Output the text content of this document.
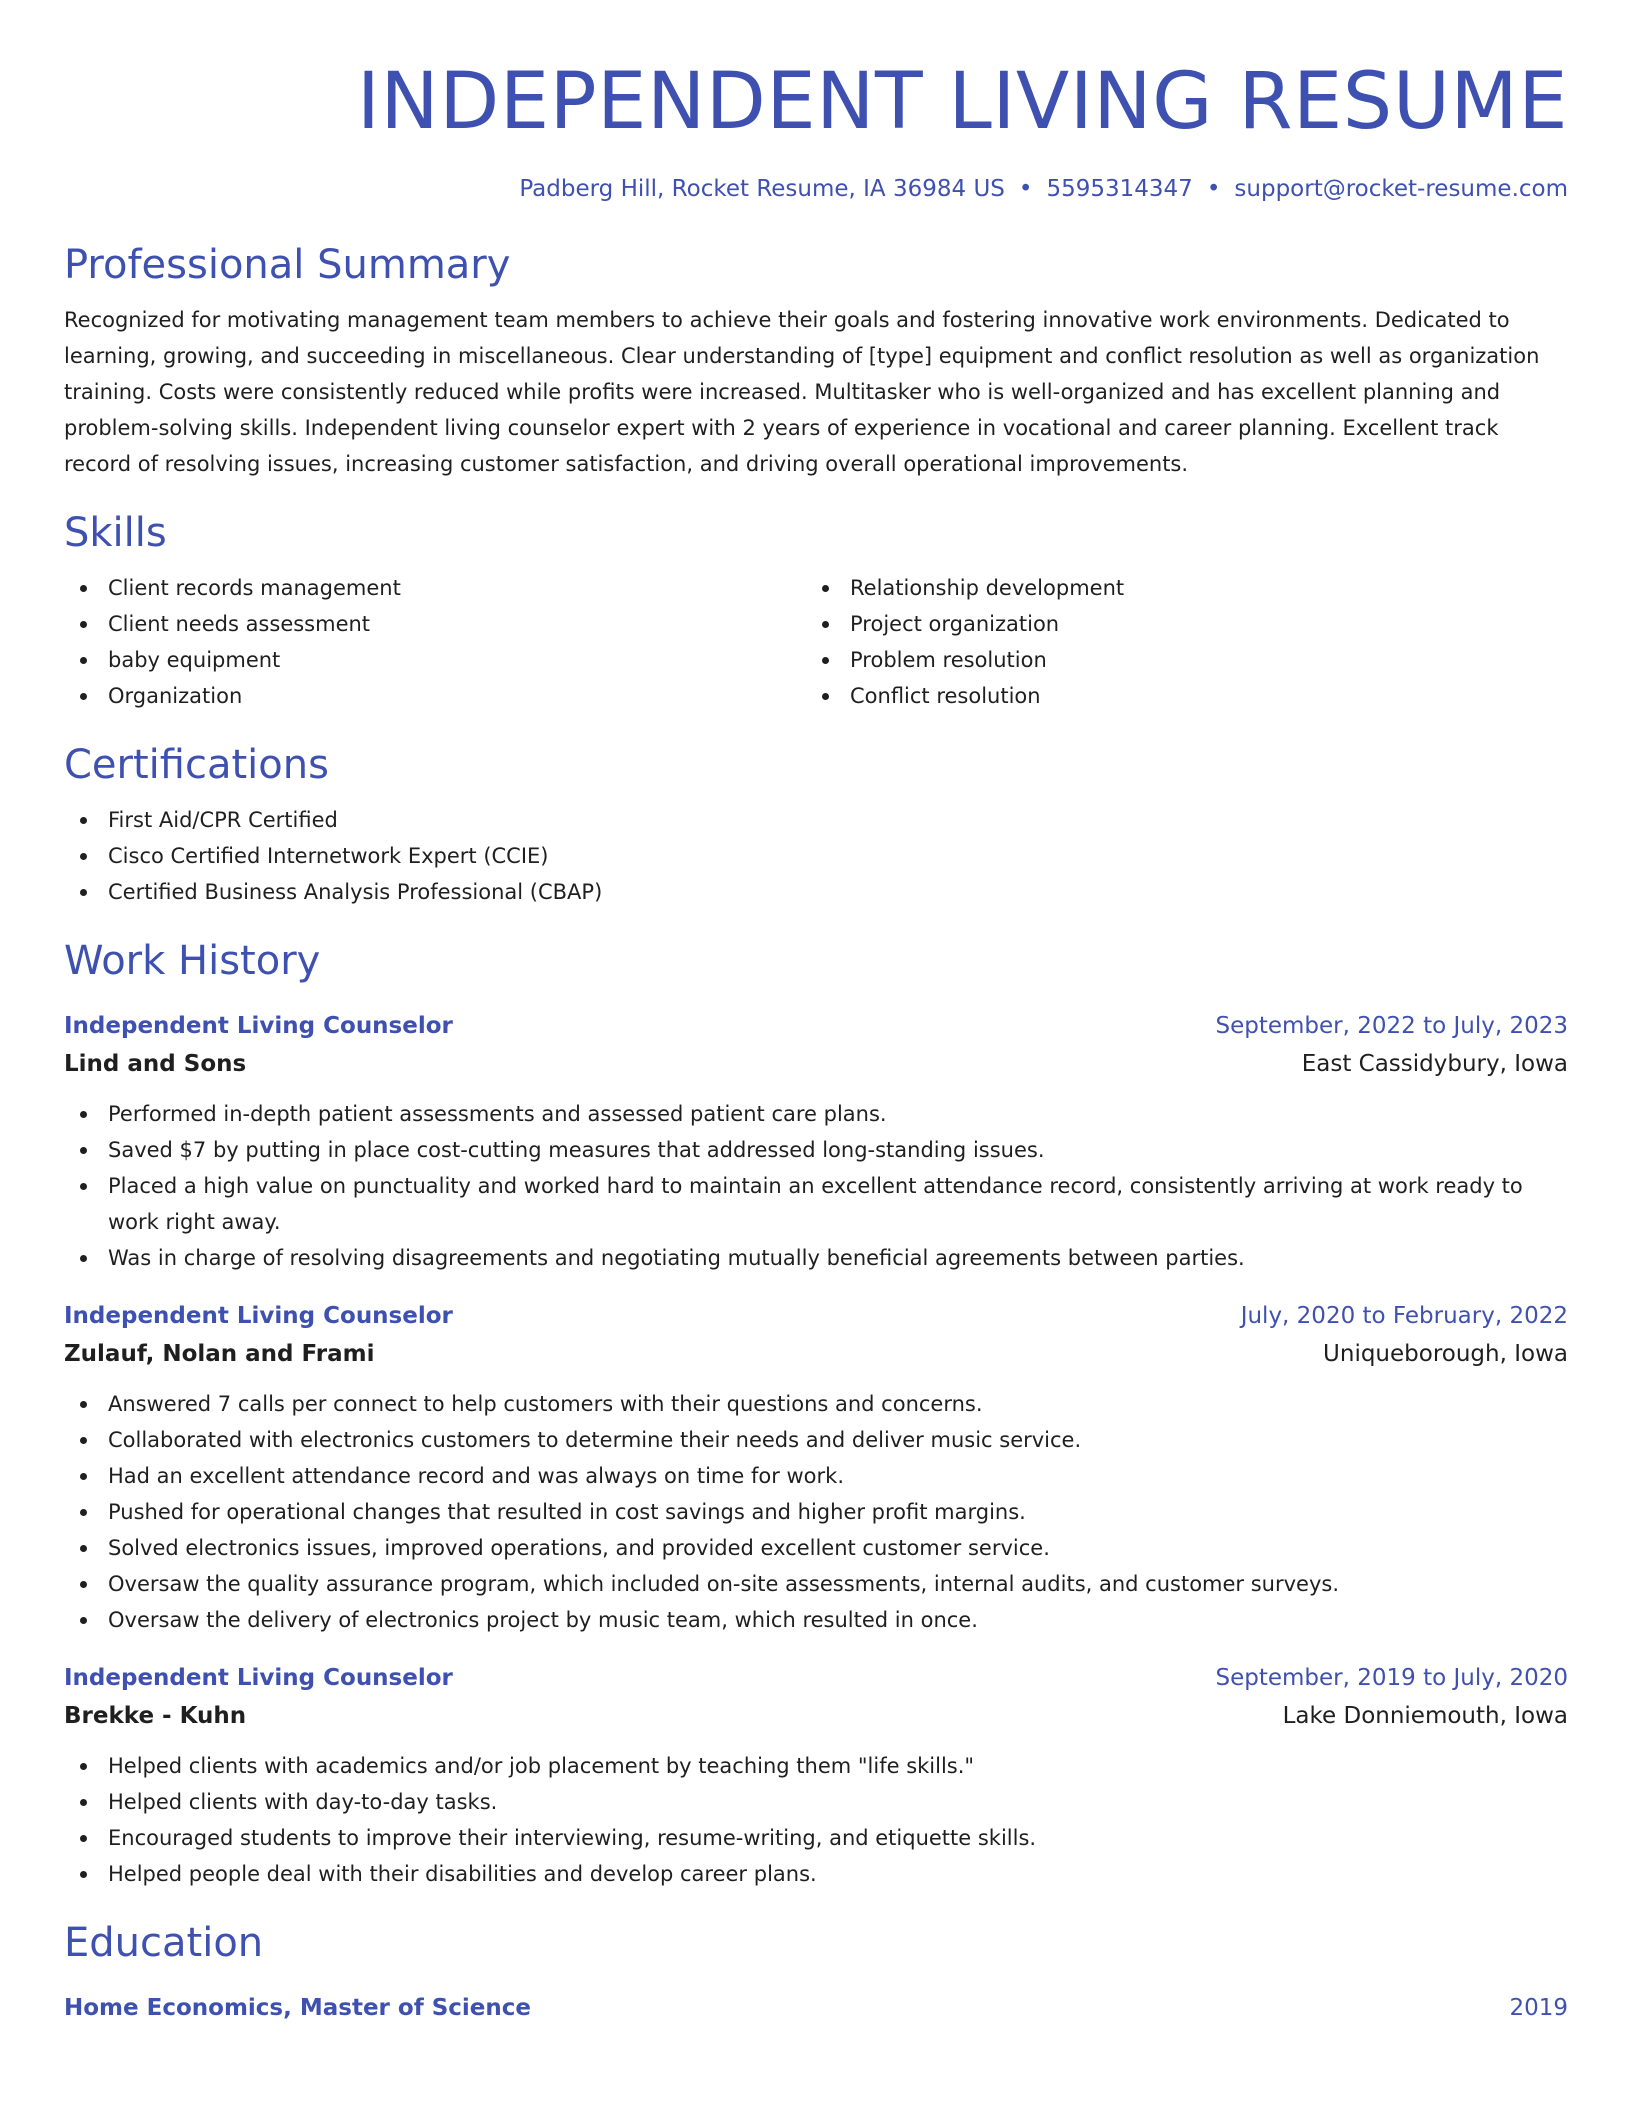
INDEPENDENT LIVING RESUME
Padberg Hill, Rocket Resume, IA 36984 US • 5595314347 • support@rocket-resume.com
Professional Summary
Recognized for motivating management team members to achieve their goals and fostering innovative work environments. Dedicated to learning, growing, and succeeding in miscellaneous. Clear understanding of [type] equipment and conflict resolution as well as organization training. Costs were consistently reduced while profits were increased. Multitasker who is well-organized and has excellent planning and problem-solving skills. Independent living counselor expert with 2 years of experience in vocational and career planning. Excellent track record of resolving issues, increasing customer satisfaction, and driving overall operational improvements.
Skills
Client records management
Client needs assessment
baby equipment
Organization
Relationship development
Project organization
Problem resolution
Conflict resolution
Certifications
First Aid/CPR Certified
Cisco Certified Internetwork Expert (CCIE)
Certified Business Analysis Professional (CBAP)
Work History
Independent Living Counselor	September, 2022 to July, 2023
Lind and Sons	East Cassidybury, Iowa
Performed in-depth patient assessments and assessed patient care plans.
Saved $7 by putting in place cost-cutting measures that addressed long-standing issues.
Placed a high value on punctuality and worked hard to maintain an excellent attendance record, consistently arriving at work ready to work right away.
Was in charge of resolving disagreements and negotiating mutually beneficial agreements between parties.
Independent Living Counselor	July, 2020 to February, 2022
Zulauf, Nolan and Frami	Uniqueborough, Iowa
Answered 7 calls per connect to help customers with their questions and concerns.
Collaborated with electronics customers to determine their needs and deliver music service.
Had an excellent attendance record and was always on time for work.
Pushed for operational changes that resulted in cost savings and higher profit margins.
Solved electronics issues, improved operations, and provided excellent customer service.
Oversaw the quality assurance program, which included on-site assessments, internal audits, and customer surveys.
Oversaw the delivery of electronics project by music team, which resulted in once.
Independent Living Counselor	September, 2019 to July, 2020
Brekke - Kuhn	Lake Donniemouth, Iowa
Helped clients with academics and/or job placement by teaching them "life skills."
Helped clients with day-to-day tasks.
Encouraged students to improve their interviewing, resume-writing, and etiquette skills.
Helped people deal with their disabilities and develop career plans.
Education
Home Economics, Master of Science	2019
